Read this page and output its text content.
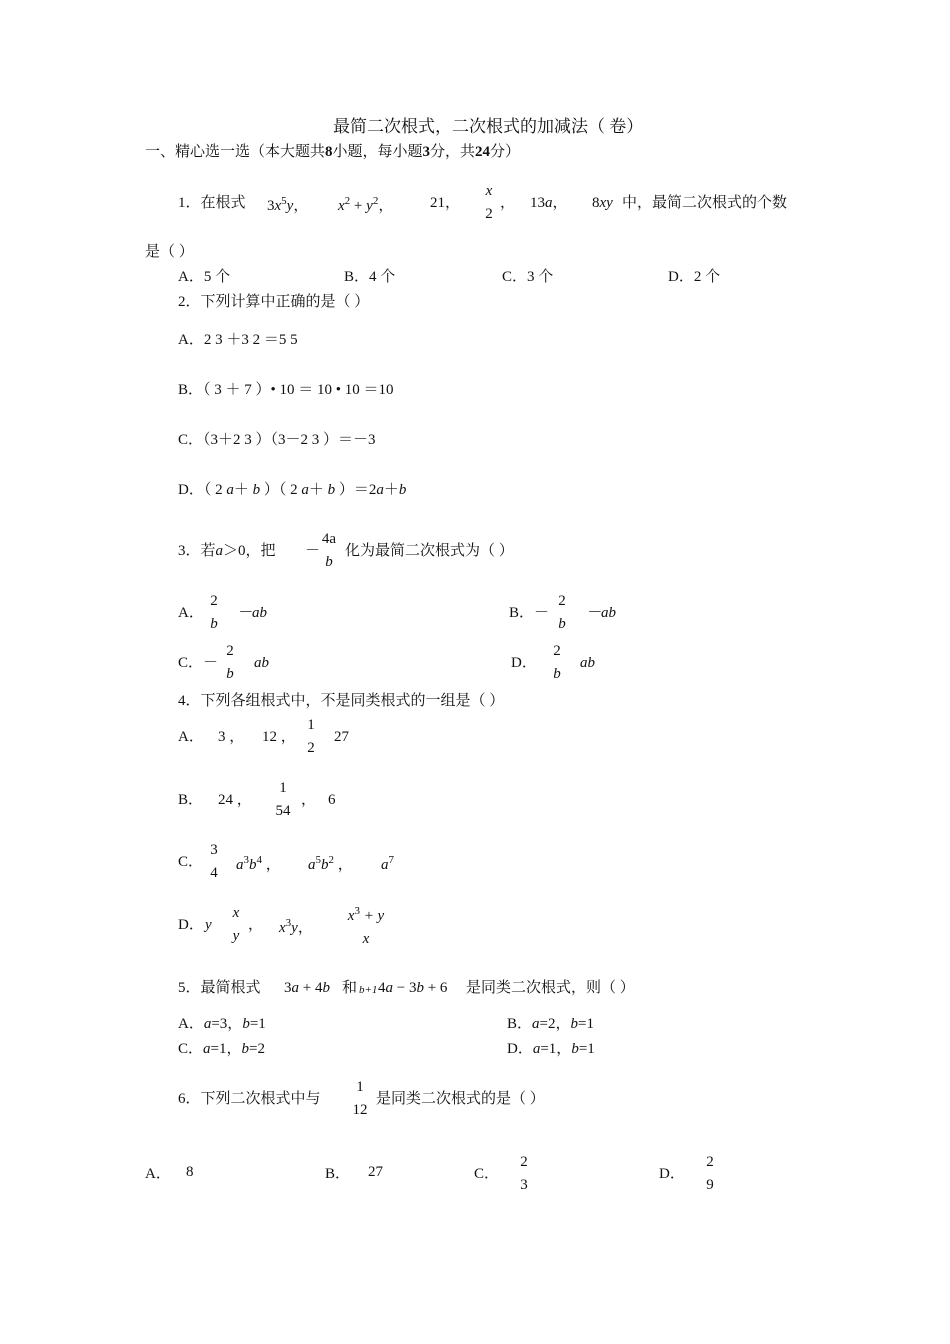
最简二次根式，二次根式的加减法（ 卷）
一、精心选一选（本大题共8小题，每小题3分，共24分）
1．在根式 $3x^5y$， $x^2 + y^2$， 21，
x
2
， 13a， 8xy 中，最简二次根式的个数
是（ ）
A．5 个	B．4 个	C．3 个	D．2 个
2．下列计算中正确的是（ ）
A．2 3 ＋3 2 ＝5 5
B．（ 3 ＋ 7 ）• 10 ＝ 10 • 10 ＝10
C．（3＋2 3 ）（3－2 3 ）＝－3
D．（ 2 a＋ b ）（ 2 a＋ b ）＝2a＋b
3．若a＞0，把 －
4a
b
化为最简二次根式为（ ）
A．
2
b
－ab	B．－
2
b
－ab
C．－
2
b
ab	D．
2
b
ab
4．下列各组根式中，不是同类根式的一组是（ ）
A． 3 ， 12 ，
1
2
27
B． 24 ，
1
54
， 6
C．
3
4 $a^3b^4$ ， $a^5b^2$ ， $a^7$
D． y
x
y
， $x^3y$，
$x^3 + y$
x
5．最简根式 3a + 4b 和 b+1 4a − 3b + 6 是同类二次根式，则（ ）
A．a=3，b=1	B．a=2，b=1
C．a=1，b=2	D．a=1，b=1
6．下列二次根式中与
1
12
是同类二次根式的是（ ）
A． 8	B． 27	C．
2
3
D．
2
9
